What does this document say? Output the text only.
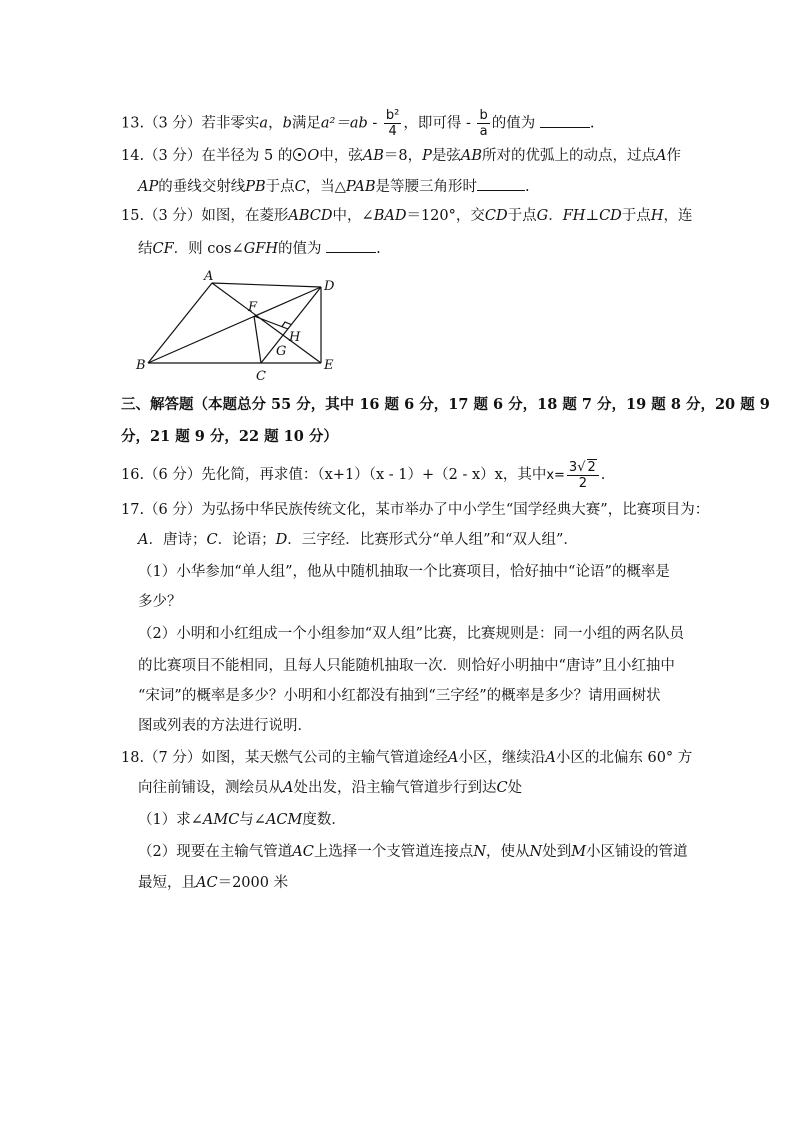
13.（3 分）若非零实a，b满足$a^2=ab - \frac{\text{b²}}{4}$ ，即可得 - $\frac{b}{a}$ 的值为	.
14.（3 分）在半径为 5 的 O中，弦AB＝8，P是弦AB所对的优弧上的动点，过点A作
AP的垂线交射线PB于点C，当△PAB是等腰三角形时	.
15.（3 分）如图，在菱形ABCD中，∠BAD＝120°，交CD于点G．FH⊥CD于点H，连
结CF．则 cos∠GFH的值为	.
A
D
F
H
G
B
C
E
三、解答题（本题总分 55 分，其中 16 题 6 分，17 题 6 分，18 题 7 分，19 题 8 分，20 题 9
分，21 题 9 分，22 题 10 分）
16.（6 分）先化简，再求值：（x+1）（x - 1）+（2 - x）x，其中$x= \frac{3√ 2}{2}$ .
17.（6 分）为弘扬中华民族传统文化，某市举办了中小学生“国学经典大赛”，比赛项目为：
A．唐诗；C．论语；D．三字经．比赛形式分“单人组”和“双人组”．
（1）小华参加“单人组”，他从中随机抽取一个比赛项目，恰好抽中“论语”的概率是
多少？
（2）小明和小红组成一个小组参加“双人组”比赛，比赛规则是：同一小组的两名队员
的比赛项目不能相同，且每人只能随机抽取一次．则恰好小明抽中“唐诗”且小红抽中
“宋词”的概率是多少？小明和小红都没有抽到“三字经”的概率是多少？请用画树状
图或列表的方法进行说明．
18.（7 分）如图，某天燃气公司的主输气管道途经A小区，继续沿A小区的北偏东 60° 方
向往前铺设，测绘员从A处出发，沿主输气管道步行到达C处
（1）求∠AMC与∠ACM度数．
（2）现要在主输气管道AC上选择一个支管道连接点N，使从N处到M小区铺设的管道
最短，且AC＝2000 米
